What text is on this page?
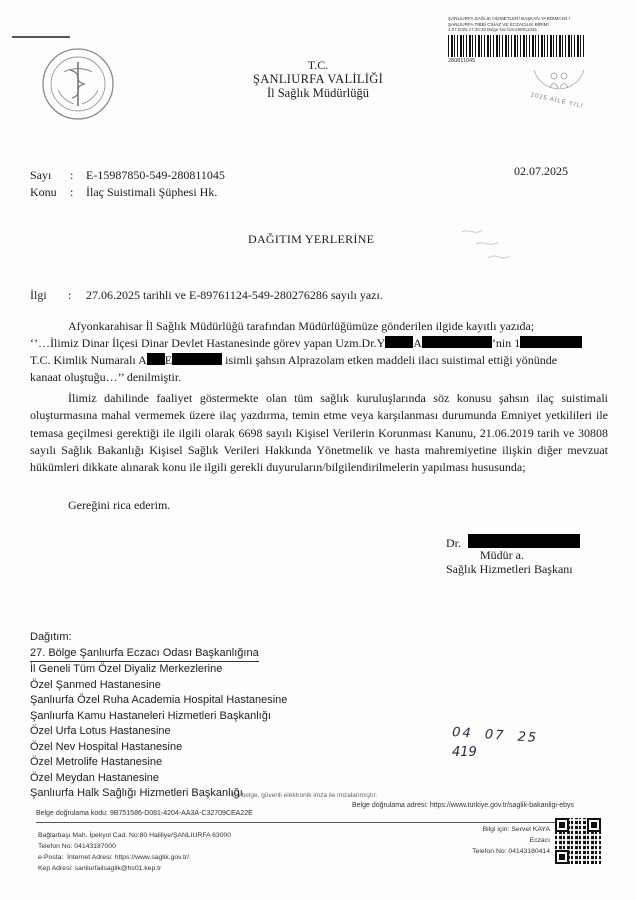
ŞANLIURFA SAĞLIK HİZMETLERİ BAŞKAN YARDIMCISI I
ŞANLIURFA TIBBİ CİHAZ VE ECZACILIK BİRİMİ
3.07.2025 17:20:39 Belge No:419-280811045
280811045
2025 AİLE YILI
T.C.
ŞANLIURFA VALİLİĞİ
İl Sağlık Müdürlüğü
Sayı : E-15987850-549-280811045	02.07.2025
Konu : İlaç Suistimali Şüphesi Hk.
DAĞITIM YERLERİNE
İlgi : 27.06.2025 tarihli ve E-89761124-549-280276286 sayılı yazı.
Afyonkarahisar İl Sağlık Müdürlüğü tarafından Müdürlüğümüze gönderilen ilgide kayıtlı yazıda;
‘’…İlimiz Dinar İlçesi Dinar Devlet Hastanesinde görev yapan Uzm.Dr.Y A	’nin 1
T.C. Kimlik Numaralı A E	isimli şahsın Alprazolam etken maddeli ilacı suistimal ettiği yönünde
kanaat oluştuğu…’’ denilmiştir.
İlimiz dahilinde faaliyet göstermekte olan tüm sağlık kuruluşlarında söz konusu şahsın ilaç suistimali oluşturmasına mahal vermemek üzere ilaç yazdırma, temin etme veya karşılanması durumunda Emniyet yetkilileri ile temasa geçilmesi gerektiği ile ilgili olarak 6698 sayılı Kişisel Verilerin Korunması Kanunu, 21.06.2019 tarih ve 30808 sayılı Sağlık Bakanlığı Kişisel Sağlık Verileri Hakkında Yönetmelik ve hasta mahremiyetine ilişkin diğer mevzuat hükümleri dikkate alınarak konu ile ilgili gerekli duyuruların/bilgilendirilmelerin yapılması hususunda;
Gereğini rica ederim.
Dr.
Müdür a.
Sağlık Hizmetleri Başkanı
Dağıtım:
27. Bölge Şanlıurfa Eczacı Odası Başkanlığına
İl Geneli Tüm Özel Diyaliz Merkezlerine
Özel Şanmed Hastanesine
Şanlıurfa Özel Ruha Academia Hospital Hastanesine
Şanlıurfa Kamu Hastaneleri Hizmetleri Başkanlığı
Özel Urfa Lotus Hastanesine
Özel Nev Hospital Hastanesine
Özel Metrolife Hastanesine
Özel Meydan Hastanesine
Şanlıurfa Halk Sağlığı Hizmetleri Başkanlığı
04  07  25
419
Bu belge, güvenli elektronik imza ile imzalanmıştır.
Belge doğrulama adresi: https://www.turkiye.gov.tr/saglik-bakanligi-ebys
Belge doğrulama kodu: 9B751586-D081-4204-AA3A-C32709CEA22E
Bağlarbaşı Mah. İpekyol Cad. No:80 Haliliye/ŞANLIURFA 63000
Telefon No: 04143187000
e-Posta: İnternet Adresi: https://www.saglik.gov.tr/
Kep Adresi: sanliurfailsaglik@hs01.kep.tr
Bilgi için: Servet KAYA
Eczacı
Telefon No: 04143180414
